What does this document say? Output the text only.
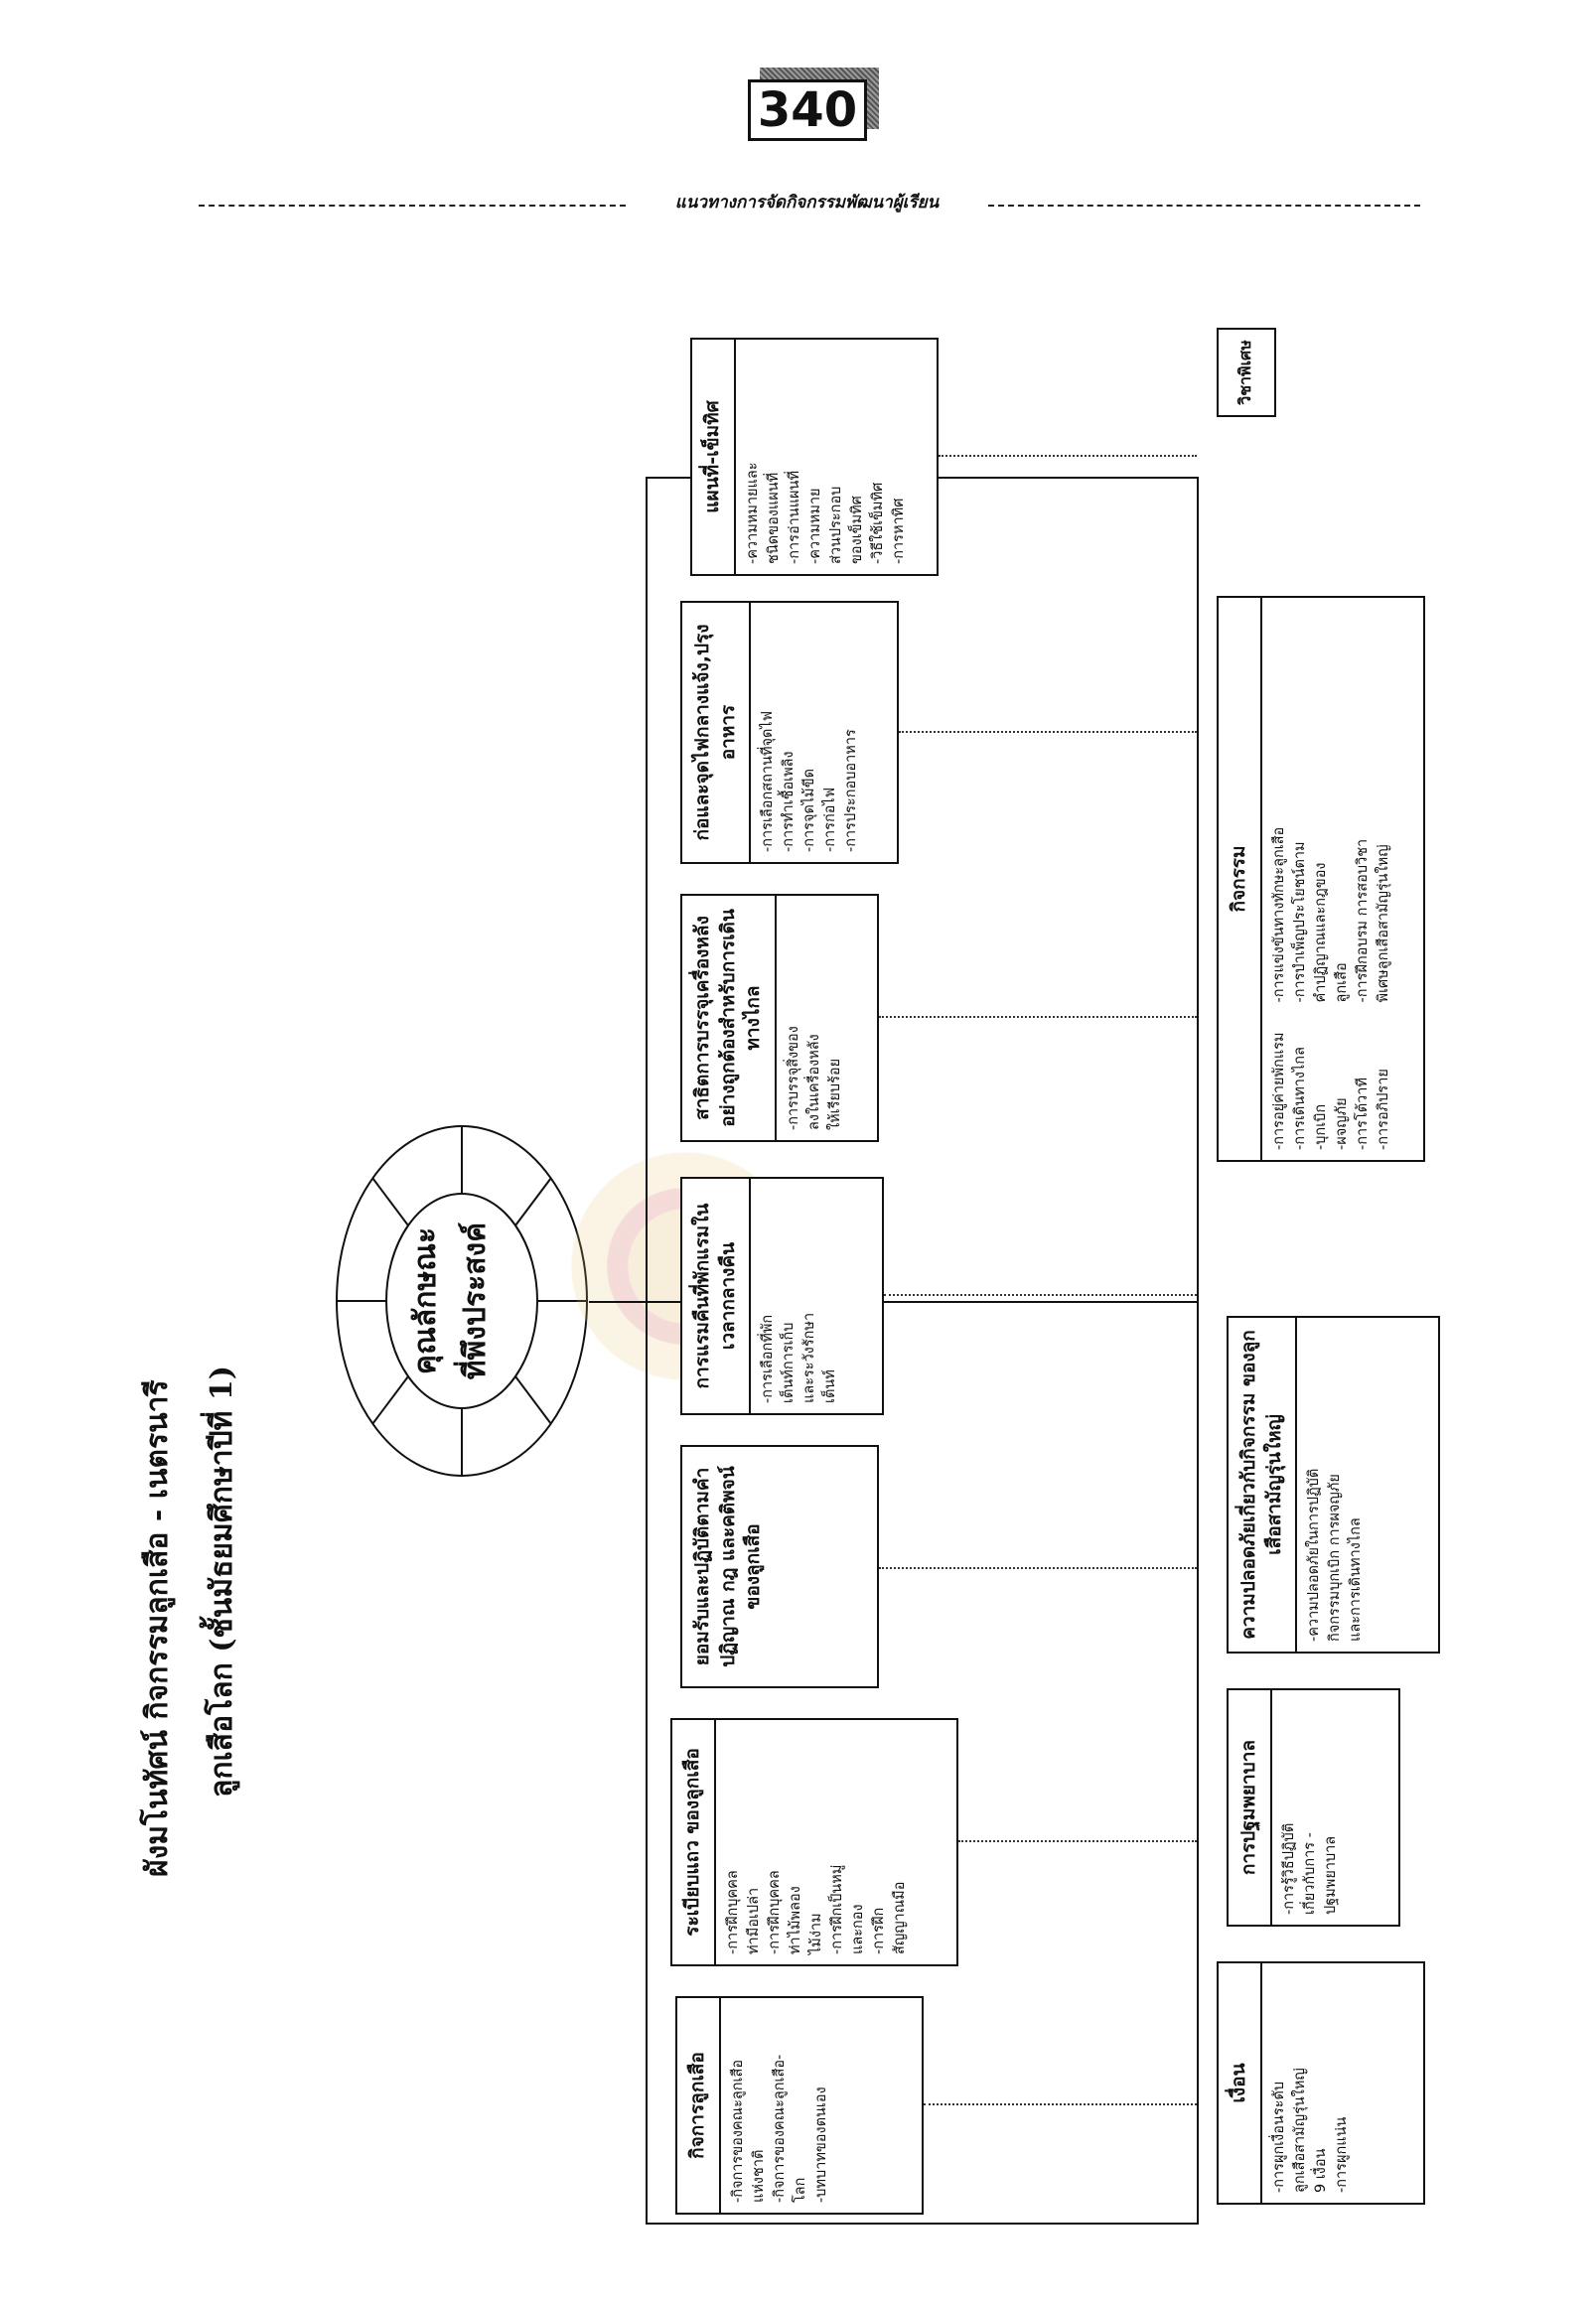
340
แนวทางการจัดกิจกรรมพัฒนาผู้เรียน
ผังมโนทัศน์ กิจกรรมลูกเสือ - เนตรนารี ลูกเสือโลก (ชั้นมัธยมศึกษาปีที่ 1)
คุณลักษณะ ที่พึงประสงค์
กิจการลูกเสือ	-กิจการของคณะลูกเสือ แห่งชาติ -กิจการของคณะลูกเสือ- โลก -บทบาทของตนเอง
ระเบียบแถว ของลูกเสือ	-การฝึกบุคคล ท่ามือเปล่า -การฝึกบุคคล ท่าไม้พลอง ไม้ง่าม -การฝึกเป็นหมู่ และกอง -การฝึก สัญญาณมือ
ยอมรับและปฏิบัติตามคำปฏิญาณ กฎ และคติพจน์ ของลูกเสือ
การแรมคืนที่พักแรมในเวลากลางคืน
-การเลือกที่พัก เต็นท์การเก็บ และระวังรักษา เต็นท์
สาธิตการบรรจุเครื่องหลังอย่างถูกต้องสำหรับการเดินทางไกล
-การบรรจุสิ่งของ ลงในเครื่องหลัง ให้เรียบร้อย
ก่อและจุดไฟกลางแจ้ง,ปรุงอาหาร	-การเลือกสถานที่จุดไฟ -การทำเชื้อเพลิง -การจุดไม้ขีด -การก่อไฟ -การประกอบอาหาร
แผนที่-เข็มทิศ
-ความหมายและ ชนิดของแผนที่ -การอ่านแผนที่ -ความหมาย ส่วนประกอบ ของเข็มทิศ -วิธีใช้เข็มทิศ -การหาทิศ
เงื่อน	-การผูกเงื่อนระดับ ลูกเสือสามัญรุ่นใหญ่ 9 เงื่อน -การผูกแน่น
การปฐมพยาบาล	-การรู้วิธีปฏิบัติ เกี่ยวกับการ - ปฐมพยาบาล
ความปลอดภัยเกี่ยวกับกิจกรรม ของลูกเสือสามัญรุ่นใหญ่	-ความปลอดภัยในการปฏิบัติ กิจกรรมบุกเบิก การผจญภัย และการเดินทางไกล
กิจกรรม
-การอยู่ค่ายพักแรม -การเดินทางไกล -บุกเบิก -ผจญภัย -การโต้วาที -การอภิปราย
-การแข่งขันทางทักษะลูกเสือ -การบำเพ็ญประโยชน์ตาม คำปฏิญาณและกฎของ ลูกเสือ -การฝึกอบรม การสอบวิชา พิเศษลูกเสือสามัญรุ่นใหญ่
วิชาพิเศษ
